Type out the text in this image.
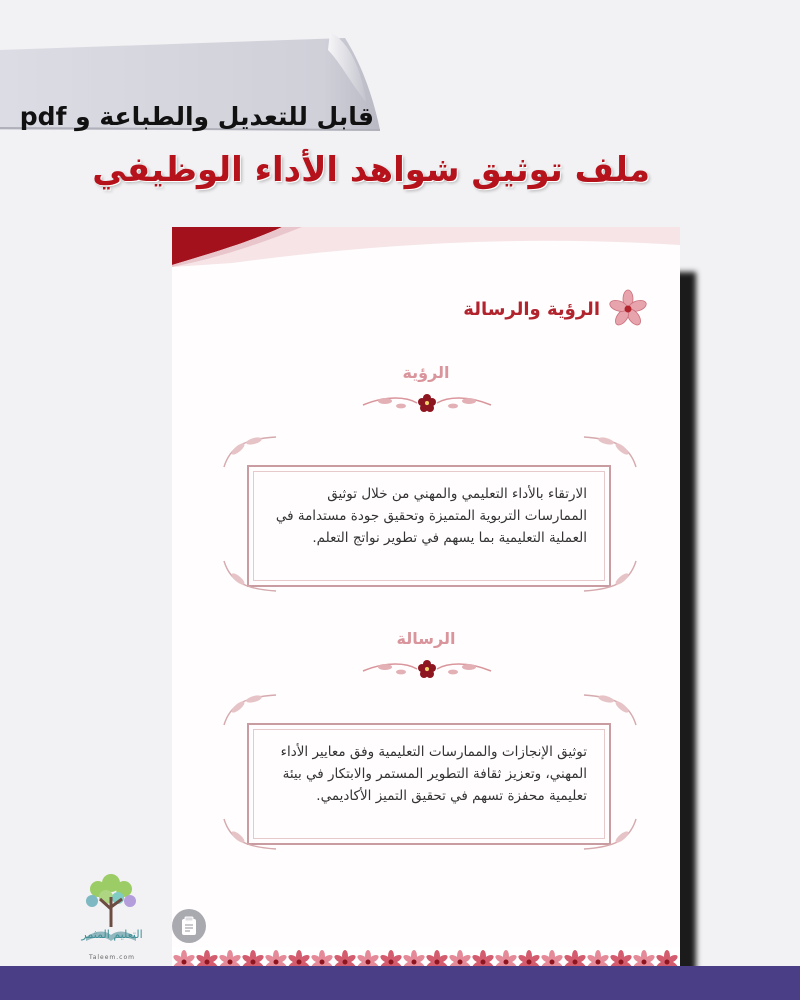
قابل للتعديل والطباعة و pdf
ملف توثيق شواهد الأداء الوظيفي
الرؤية والرسالة
الرؤية
الارتقاء بالأداء التعليمي والمهني من خلال توثيق الممارسات التربوية المتميزة وتحقيق جودة مستدامة في العملية التعليمية بما يسهم في تطوير نواتج التعلم.
الرسالة
توثيق الإنجازات والممارسات التعليمية وفق معايير الأداء المهني، وتعزيز ثقافة التطوير المستمر والابتكار في بيئة تعليمية محفزة تسهم في تحقيق التميز الأكاديمي.
التعليم المثمر
Taleem.com
